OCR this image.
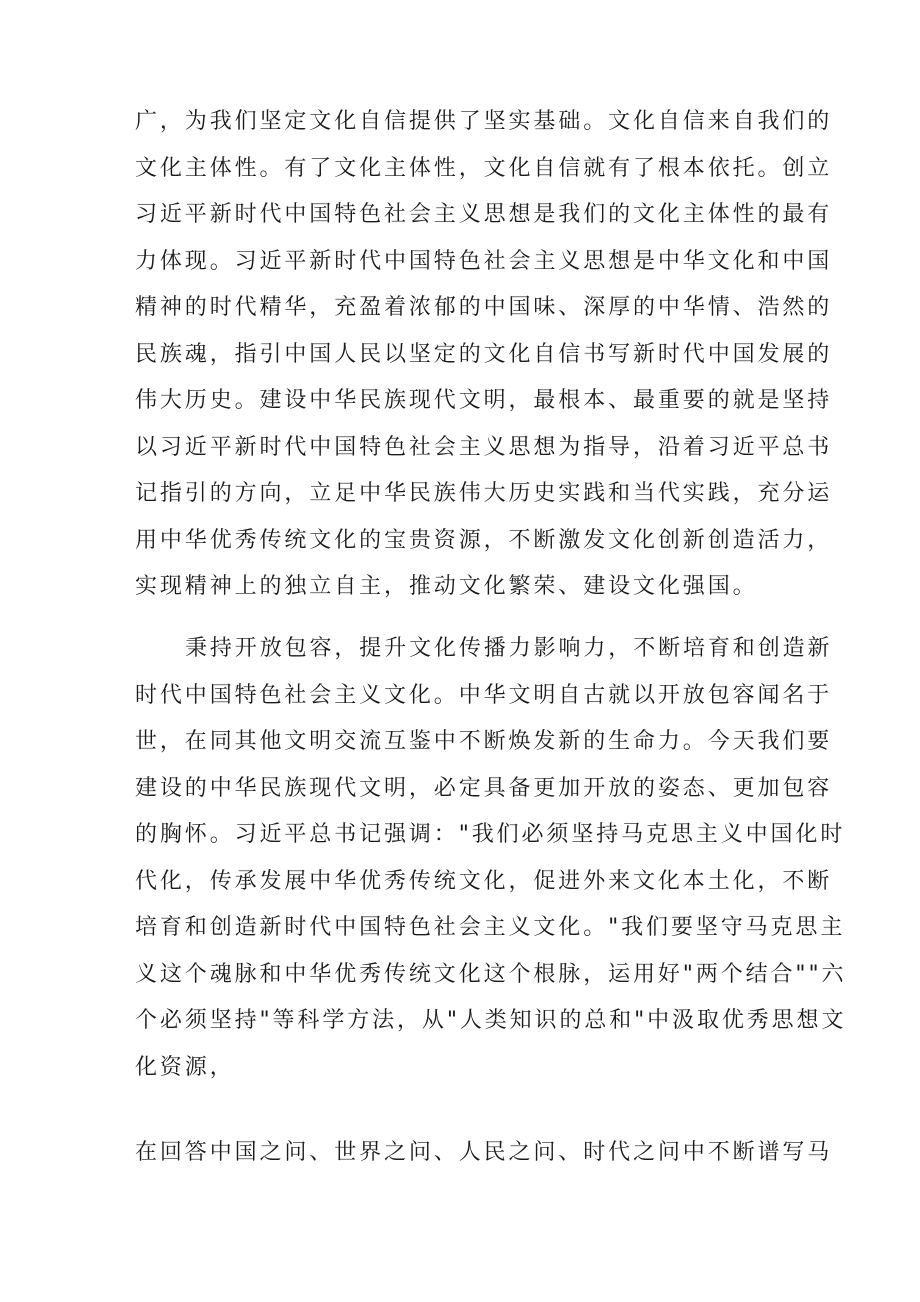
广，为我们坚定文化自信提供了坚实基础。文化自信来自我们的
文化主体性。有了文化主体性，文化自信就有了根本依托。创立
习近平新时代中国特色社会主义思想是我们的文化主体性的最有
力体现。习近平新时代中国特色社会主义思想是中华文化和中国
精神的时代精华，充盈着浓郁的中国味、深厚的中华情、浩然的
民族魂，指引中国人民以坚定的文化自信书写新时代中国发展的
伟大历史。建设中华民族现代文明，最根本、最重要的就是坚持
以习近平新时代中国特色社会主义思想为指导，沿着习近平总书
记指引的方向，立足中华民族伟大历史实践和当代实践，充分运
用中华优秀传统文化的宝贵资源，不断激发文化创新创造活力，
实现精神上的独立自主，推动文化繁荣、建设文化强国。
秉持开放包容，提升文化传播力影响力，不断培育和创造新
时代中国特色社会主义文化。中华文明自古就以开放包容闻名于
世，在同其他文明交流互鉴中不断焕发新的生命力。今天我们要
建设的中华民族现代文明，必定具备更加开放的姿态、更加包容
的胸怀。习近平总书记强调："我们必须坚持马克思主义中国化时
代化，传承发展中华优秀传统文化，促进外来文化本土化，不断
培育和创造新时代中国特色社会主义文化。"我们要坚守马克思主
义这个魂脉和中华优秀传统文化这个根脉，运用好"两个结合""六
个必须坚持"等科学方法，从"人类知识的总和"中汲取优秀思想文
化资源，
在回答中国之问、世界之问、人民之问、时代之问中不断谱写马
